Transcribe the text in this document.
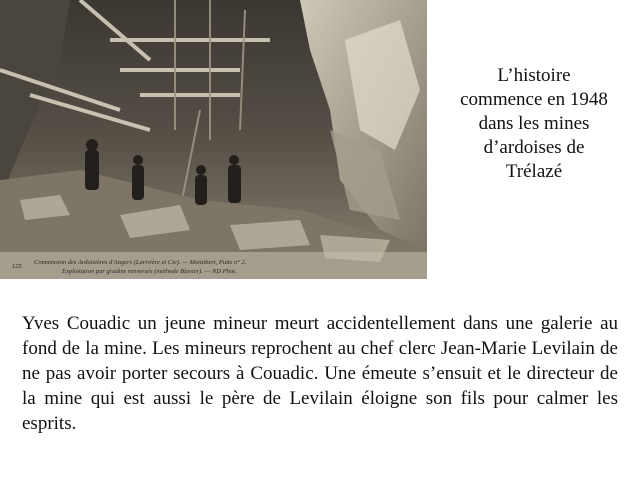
Commission des Ardoisières d'Angers (Larivière et Cie). — Montibert, Puits n° 2.
Exploitation par gradins renversés (méthode Blavier). — ND Phot.
125
L’histoire
commence en 1948
dans les mines
d’ardoises de
Trélazé
Yves Couadic un jeune mineur meurt accidentellement dans une galerie au fond de la mine. Les mineurs reprochent au chef clerc Jean-Marie Levilain de ne pas avoir porter secours à Couadic. Une émeute s’ensuit et le directeur de la mine qui est aussi le père de Levilain éloigne son fils pour calmer les esprits.
